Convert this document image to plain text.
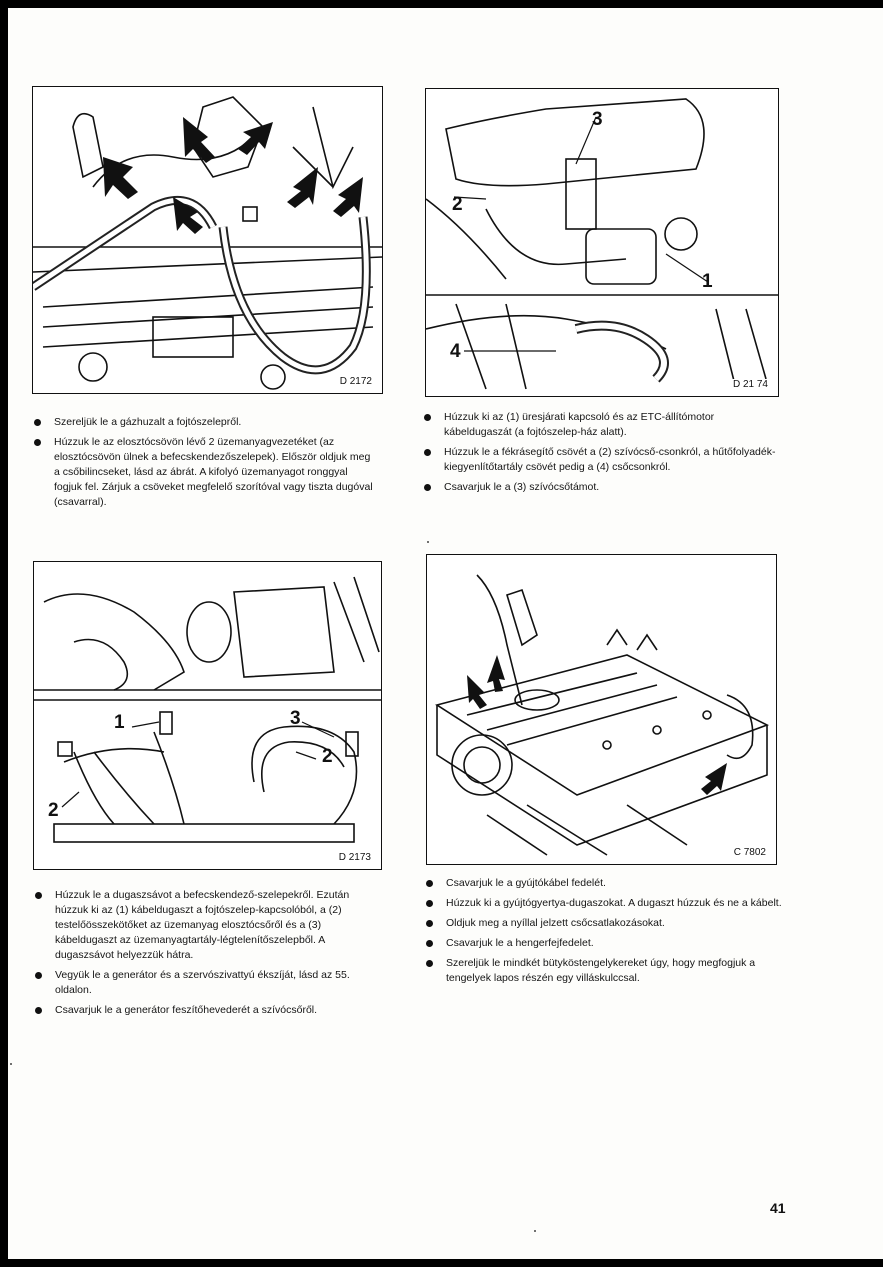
D 2172
3
2
1
4
D 21 74
Szereljük le a gázhuzalt a fojtószelepről.
Húzzuk le az elosztócsövön lévő 2 üzemanyagvezetéket (az elosztócsövön ülnek a befecskendezőszelepek). Először oldjuk meg a csőbilincseket, lásd az ábrát. A kifolyó üzemanyagot ronggyal fogjuk fel. Zárjuk a csöveket megfelelő szorítóval vagy tiszta dugóval (csavarral).
Húzzuk ki az (1) üresjárati kapcsoló és az ETC-állítómotor kábeldugaszát (a fojtószelep-ház alatt).
Húzzuk le a fékrásegítő csövét a (2) szívócső-csonkról, a hűtőfolyadék-kiegyenlítőtartály csövét pedig a (4) csőcsonkról.
Csavarjuk le a (3) szívócsőtámot.
1	3
2
2
D 2173	C 7802
Húzzuk le a dugaszsávot a befecskendező-szelepekről. Ezután húzzuk ki az (1) kábeldugaszt a fojtószelep-kapcsolóból, a (2) testelőösszekötőket az üzemanyag elosztócsőről és a (3) kábeldugaszt az üzemanyagtartály-légtelenítőszelepből. A dugaszsávot helyezzük hátra.
Vegyük le a generátor és a szervószivattyú ékszíját, lásd az 55. oldalon.
Csavarjuk le a generátor feszítőhevederét a szívócsőről.
Csavarjuk le a gyújtókábel fedelét.
Húzzuk ki a gyújtógyertya-dugaszokat. A dugaszt húzzuk és ne a kábelt.
Oldjuk meg a nyíllal jelzett csőcsatlakozásokat.
Csavarjuk le a hengerfejfedelet.
Szereljük le mindkét bütyköstengelykereket úgy, hogy megfogjuk a tengelyek lapos részén egy villáskulccsal.
41
